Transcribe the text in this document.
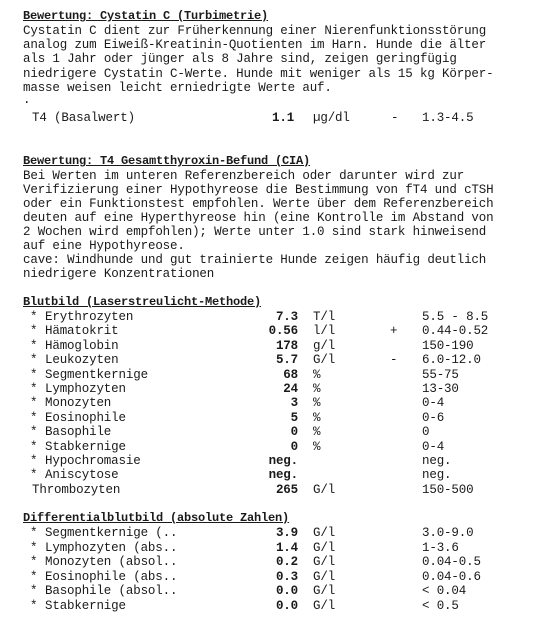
Bewertung: Cystatin C (Turbimetrie)
Cystatin C dient zur Früherkennung einer Nierenfunktionsstörung
analog zum Eiweiß-Kreatinin-Quotienten im Harn. Hunde die älter
als 1 Jahr oder jünger als 8 Jahre sind, zeigen geringfügig
niedrigere Cystatin C-Werte. Hunde mit weniger als 15 kg Körper-
masse weisen leicht erniedrigte Werte auf.
.
T4 (Basalwert)	1.1 µg/dl	- 1.3-4.5
Bewertung: T4 Gesamtthyroxin-Befund (CIA)
Bei Werten im unteren Referenzbereich oder darunter wird zur
Verifizierung einer Hypothyreose die Bestimmung von fT4 und cTSH
oder ein Funktionstest empfohlen. Werte über dem Referenzbereich
deuten auf eine Hyperthyreose hin (eine Kontrolle im Abstand von
2 Wochen wird empfohlen); Werte unter 1.0 sind stark hinweisend
auf eine Hypothyreose.
cave: Windhunde und gut trainierte Hunde zeigen häufig deutlich
niedrigere Konzentrationen
Blutbild (Laserstreulicht-Methode)
* Erythrozyten	7.3 T/l	5.5 - 8.5
* Hämatokrit	0.56 l/l	+ 0.44-0.52
* Hämoglobin	178 g/l	150-190
* Leukozyten	5.7 G/l	- 6.0-12.0
* Segmentkernige	68 %	55-75
* Lymphozyten	24 %	13-30
* Monozyten	3 %	0-4
* Eosinophile	5 %	0-6
* Basophile	0 %	0
* Stabkernige	0 %	0-4
* Hypochromasie	neg.	neg.
* Aniscytose	neg.	neg.
Thrombozyten	265 G/l	150-500
Differentialblutbild (absolute Zahlen)
* Segmentkernige (..	3.9 G/l	3.0-9.0
* Lymphozyten (abs..	1.4 G/l	1-3.6
* Monozyten (absol..	0.2 G/l	0.04-0.5
* Eosinophile (abs..	0.3 G/l	0.04-0.6
* Basophile (absol..	0.0 G/l	< 0.04
* Stabkernige	0.0 G/l	< 0.5
